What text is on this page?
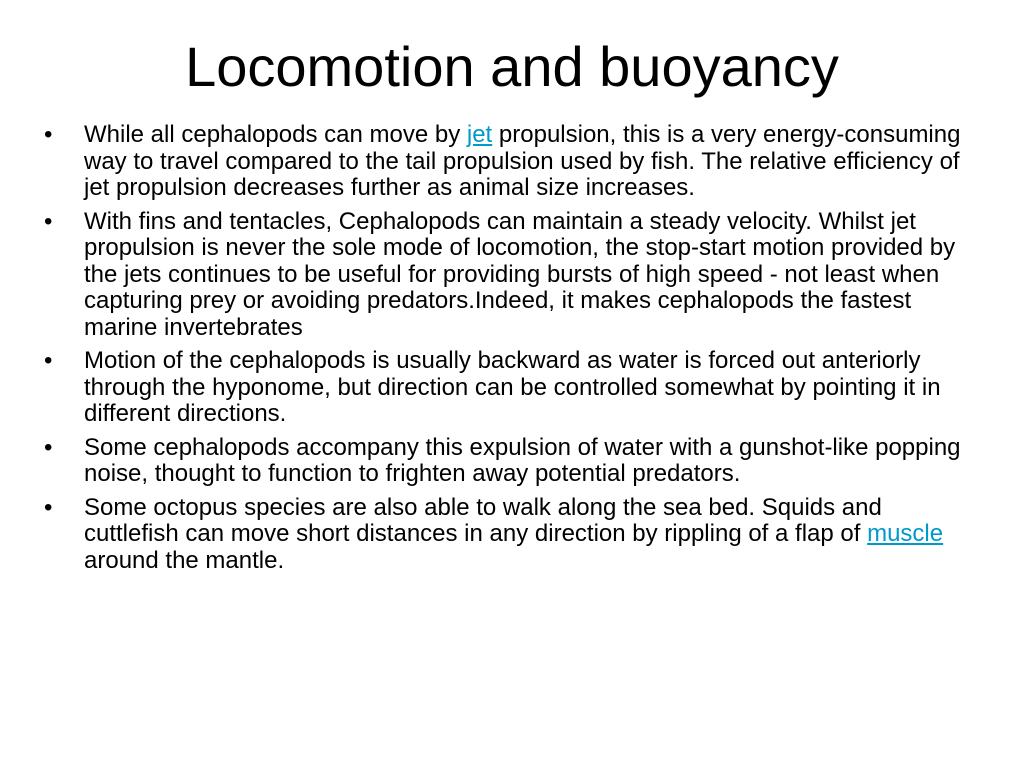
Locomotion and buoyancy
•	While all cephalopods can move by jet propulsion, this is a very energy-consuming way to travel compared to the tail propulsion used by fish. The relative efficiency of jet propulsion decreases further as animal size increases.
•	With fins and tentacles, Cephalopods can maintain a steady velocity. Whilst jet propulsion is never the sole mode of locomotion, the stop-start motion provided by the jets continues to be useful for providing bursts of high speed - not least when capturing prey or avoiding predators.Indeed, it makes cephalopods the fastest marine invertebrates
•	Motion of the cephalopods is usually backward as water is forced out anteriorly through the hyponome, but direction can be controlled somewhat by pointing it in different directions.
•	Some cephalopods accompany this expulsion of water with a gunshot-like popping noise, thought to function to frighten away potential predators.
•	Some octopus species are also able to walk along the sea bed. Squids and cuttlefish can move short distances in any direction by rippling of a flap of muscle around the mantle.
